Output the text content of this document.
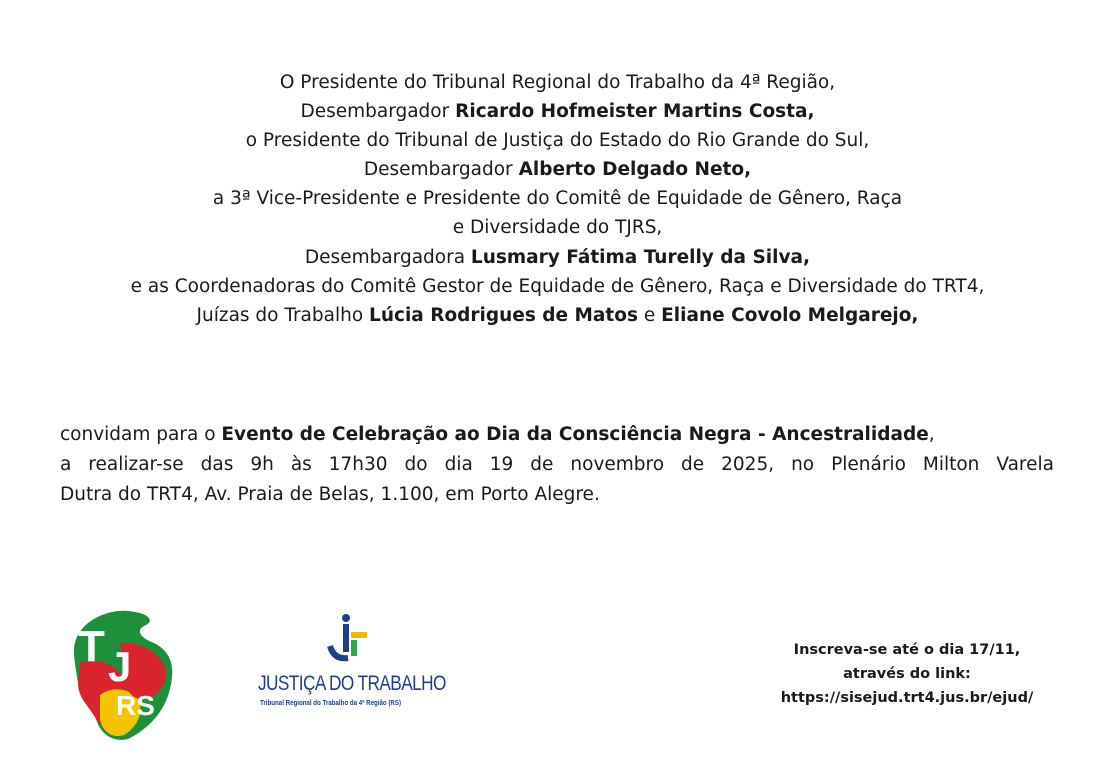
O Presidente do Tribunal Regional do Trabalho da 4ª Região,
Desembargador Ricardo Hofmeister Martins Costa,
o Presidente do Tribunal de Justiça do Estado do Rio Grande do Sul,
Desembargador Alberto Delgado Neto,
a 3ª Vice-Presidente e Presidente do Comitê de Equidade de Gênero, Raça
e Diversidade do TJRS,
Desembargadora Lusmary Fátima Turelly da Silva,
e as Coordenadoras do Comitê Gestor de Equidade de Gênero, Raça e Diversidade do TRT4,
Juízas do Trabalho Lúcia Rodrigues de Matos e Eliane Covolo Melgarejo,
convidam para o Evento de Celebração ao Dia da Consciência Negra - Ancestralidade,
a realizar-se das 9h às 17h30 do dia 19 de novembro de 2025, no Plenário Milton Varela
Dutra do TRT4, Av. Praia de Belas, 1.100, em Porto Alegre.
T J
RS
JUSTIÇA DO TRABALHO
Tribunal Regional do Trabalho da 4ª Região (RS)
Inscreva-se até o dia 17/11,
através do link:
https://sisejud.trt4.jus.br/ejud/
